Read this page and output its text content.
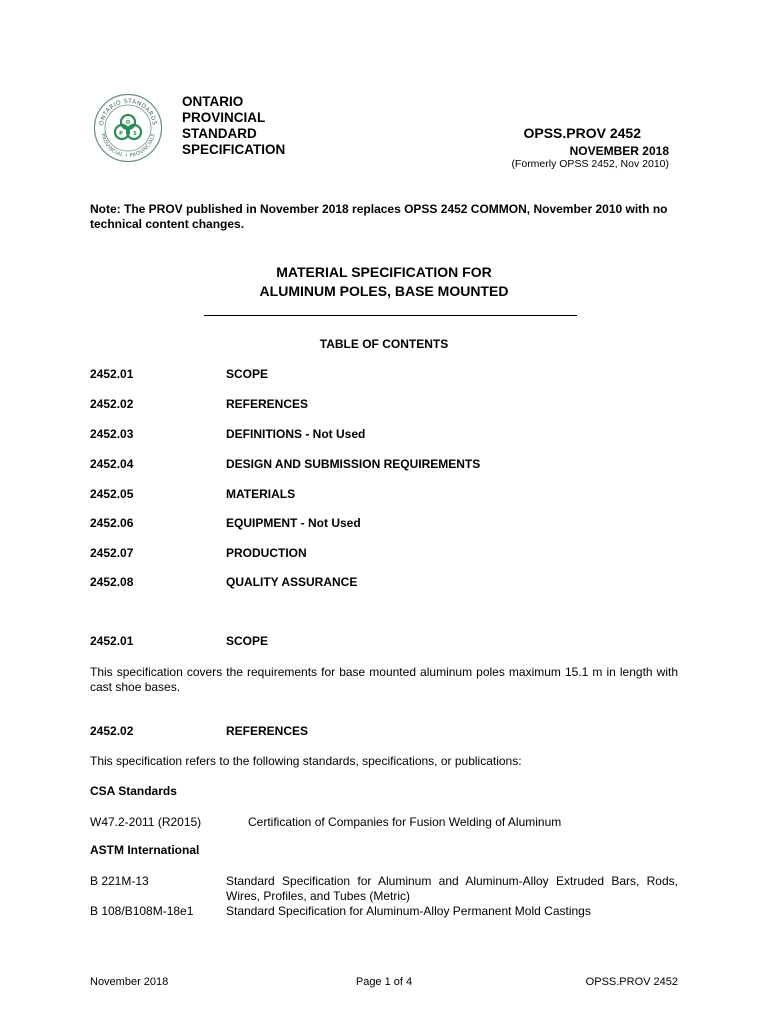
ONTARIO STANDARDS
PROVINCIAL • PROVINCIALE
O
P S
ONTARIO
PROVINCIAL
STANDARD
SPECIFICATION
OPSS.PROV 2452
NOVEMBER 2018
(Formerly OPSS 2452, Nov 2010)
Note: The PROV published in November 2018 replaces OPSS 2452 COMMON, November 2010 with no technical content changes.
MATERIAL SPECIFICATION FOR
ALUMINUM POLES, BASE MOUNTED
TABLE OF CONTENTS
2452.01	SCOPE
2452.02	REFERENCES
2452.03	DEFINITIONS - Not Used
2452.04	DESIGN AND SUBMISSION REQUIREMENTS
2452.05	MATERIALS
2452.06	EQUIPMENT - Not Used
2452.07	PRODUCTION
2452.08	QUALITY ASSURANCE
2452.01	SCOPE
This specification covers the requirements for base mounted aluminum poles maximum 15.1 m in length with cast shoe bases.
2452.02	REFERENCES
This specification refers to the following standards, specifications, or publications:
CSA Standards
W47.2-2011 (R2015)	Certification of Companies for Fusion Welding of Aluminum
ASTM International
B 221M-13	Standard Specification for Aluminum and Aluminum-Alloy Extruded Bars, Rods, Wires, Profiles, and Tubes (Metric)
B 108/B108M-18e1	Standard Specification for Aluminum-Alloy Permanent Mold Castings
November 2018	Page 1 of 4	OPSS.PROV 2452
